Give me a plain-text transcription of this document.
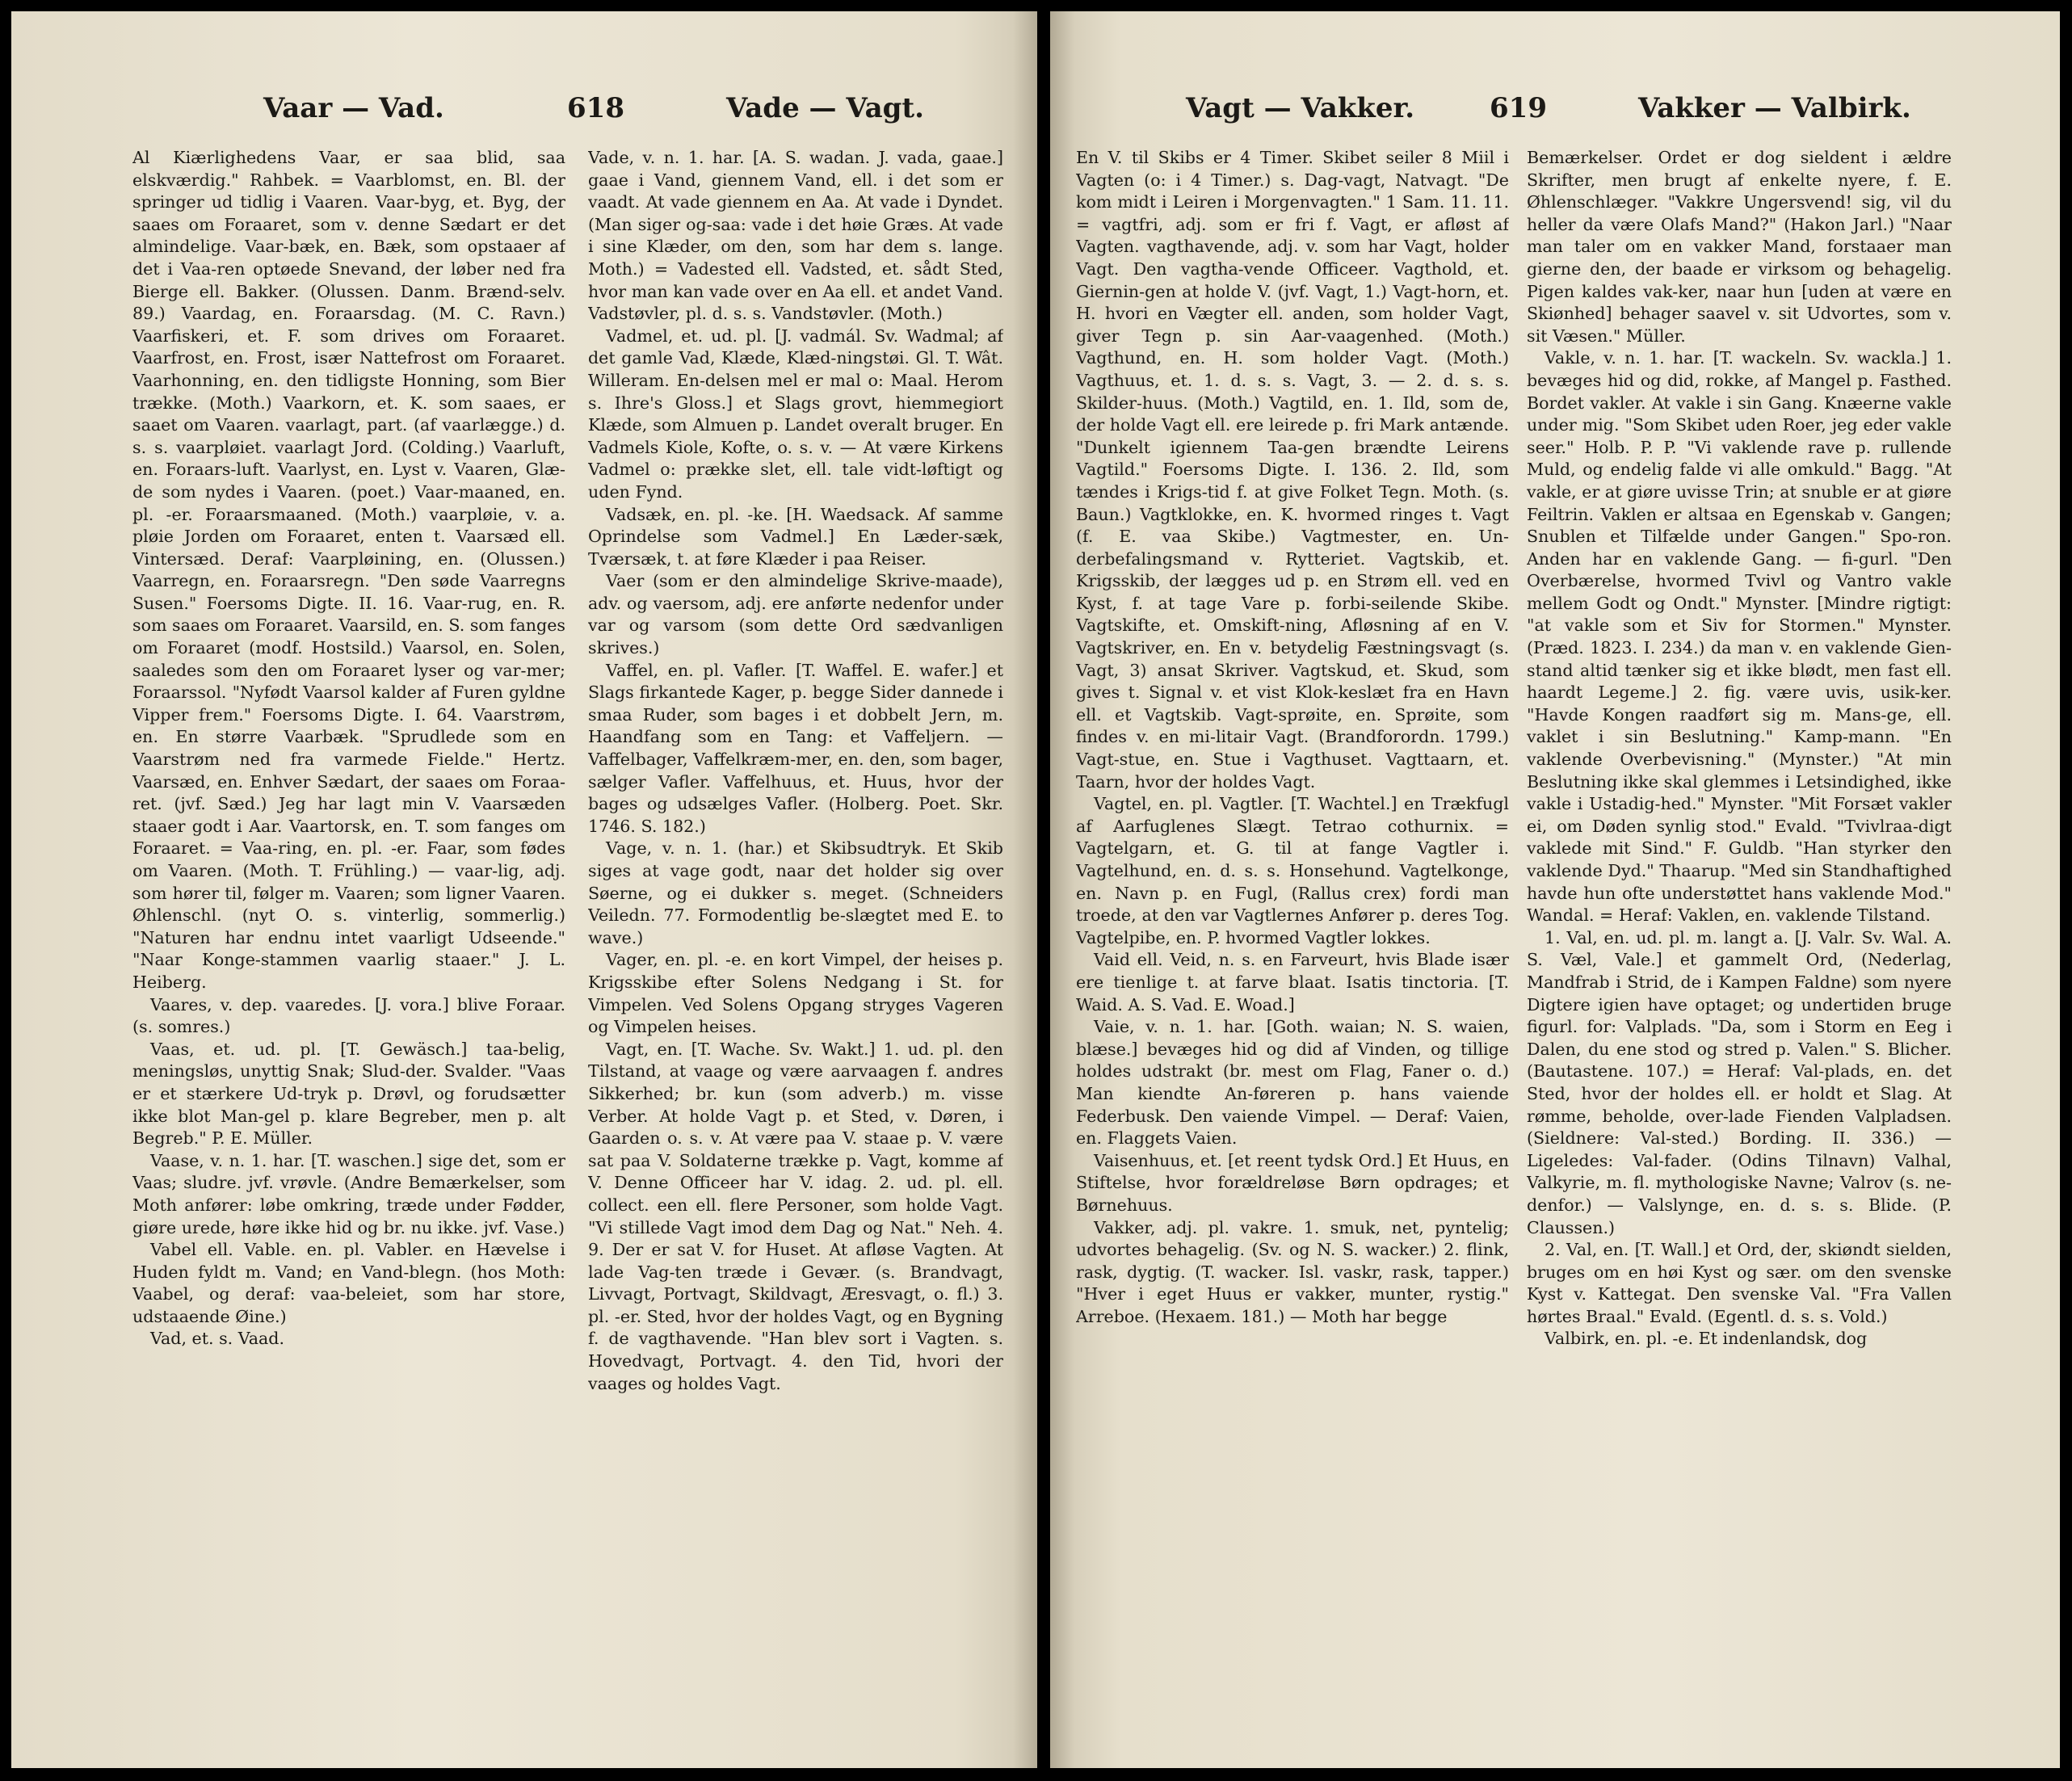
Vaar — Vad.	618	Vade — Vagt.

Al Kiærlighedens Vaar, er saa blid, saa elskværdig." Rahbek. = Vaarblomst, en. Bl. der springer ud tidlig i Vaaren. Vaar-byg, et. Byg, der saaes om Foraaret, som v. denne Sædart er det almindelige. Vaar-bæk, en. Bæk, som opstaaer af det i Vaa-ren optøede Snevand, der løber ned fra Bierge ell. Bakker. (Olussen. Danm. Brænd-selv. 89.) Vaardag, en. Foraarsdag. (M. C. Ravn.) Vaarfiskeri, et. F. som drives om Foraaret. Vaarfrost, en. Frost, især Nattefrost om Foraaret. Vaarhonning, en. den tidligste Honning, som Bier trække. (Moth.) Vaarkorn, et. K. som saaes, er saaet om Vaaren. vaarlagt, part. (af vaarlægge.) d. s. s. vaarpløiet. vaarlagt Jord. (Colding.) Vaarluft, en. Foraars-luft. Vaarlyst, en. Lyst v. Vaaren, Glæ-de som nydes i Vaaren. (poet.) Vaar-maaned, en. pl. -er. Foraarsmaaned. (Moth.) vaarpløie, v. a. pløie Jorden om Foraaret, enten t. Vaarsæd ell. Vintersæd. Deraf: Vaarpløining, en. (Olussen.) Vaarregn, en. Foraarsregn. "Den søde Vaarregns Susen." Foersoms Digte. II. 16. Vaar-rug, en. R. som saaes om Foraaret. Vaarsild, en. S. som fanges om Foraaret (modf. Hostsild.) Vaarsol, en. Solen, saaledes som den om Foraaret lyser og var-mer; Foraarssol. "Nyfødt Vaarsol kalder af Furen gyldne Vipper frem." Foersoms Digte. I. 64. Vaarstrøm, en. En større Vaarbæk. "Sprudlede som en Vaarstrøm ned fra varmede Fielde." Hertz. Vaarsæd, en. Enhver Sædart, der saaes om Foraa-ret. (jvf. Sæd.) Jeg har lagt min V. Vaarsæden staaer godt i Aar. Vaartorsk, en. T. som fanges om Foraaret. = Vaa-ring, en. pl. -er. Faar, som fødes om Vaaren. (Moth. T. Frühling.) — vaar-lig, adj. som hører til, følger m. Vaaren; som ligner Vaaren. Øhlenschl. (nyt O. s. vinterlig, sommerlig.) "Naturen har endnu intet vaarligt Udseende." "Naar Konge-stammen vaarlig staaer." J. L. Heiberg.

Vaares, v. dep. vaaredes. [J. vora.] blive Foraar. (s. somres.)

Vaas, et. ud. pl. [T. Gewäsch.] taa-belig, meningsløs, unyttig Snak; Slud-der. Svalder. "Vaas er et stærkere Ud-tryk p. Drøvl, og forudsætter ikke blot Man-gel p. klare Begreber, men p. alt Begreb." P. E. Müller.

Vaase, v. n. 1. har. [T. waschen.] sige det, som er Vaas; sludre. jvf. vrøvle. (Andre Bemærkelser, som Moth anfører: løbe omkring, træde under Fødder, giøre urede, høre ikke hid og br. nu ikke. jvf. Vase.)

Vabel ell. Vable. en. pl. Vabler. en Hævelse i Huden fyldt m. Vand; en Vand-blegn. (hos Moth: Vaabel, og deraf: vaa-beleiet, som har store, udstaaende Øine.)

Vad, et. s. Vaad.

Vade, v. n. 1. har. [A. S. wadan. J. vada, gaae.] gaae i Vand, giennem Vand, ell. i det som er vaadt. At vade giennem en Aa. At vade i Dyndet. (Man siger og-saa: vade i det høie Græs. At vade i sine Klæder, om den, som har dem s. lange. Moth.) = Vadested ell. Vadsted, et. sådt Sted, hvor man kan vade over en Aa ell. et andet Vand. Vadstøvler, pl. d. s. s. Vandstøvler. (Moth.)

Vadmel, et. ud. pl. [J. vadmál. Sv. Wadmal; af det gamle Vad, Klæde, Klæd-ningstøi. Gl. T. Wât. Willeram. En-delsen mel er mal o: Maal. Herom s. Ihre's Gloss.] et Slags grovt, hiemmegiort Klæde, som Almuen p. Landet overalt bruger. En Vadmels Kiole, Kofte, o. s. v. — At være Kirkens Vadmel o: prække slet, ell. tale vidt-løftigt og uden Fynd.

Vadsæk, en. pl. -ke. [H. Waedsack. Af samme Oprindelse som Vadmel.] En Læder-sæk, Tværsæk, t. at føre Klæder i paa Reiser.

Vaer (som er den almindelige Skrive-maade), adv. og vaersom, adj. ere anførte nedenfor under var og varsom (som dette Ord sædvanligen skrives.)

Vaffel, en. pl. Vafler. [T. Waffel. E. wafer.] et Slags firkantede Kager, p. begge Sider dannede i smaa Ruder, som bages i et dobbelt Jern, m. Haandfang som en Tang: et Vaffeljern. — Vaffelbager, Vaffelkræm-mer, en. den, som bager, sælger Vafler. Vaffelhuus, et. Huus, hvor der bages og udsælges Vafler. (Holberg. Poet. Skr. 1746. S. 182.)

Vage, v. n. 1. (har.) et Skibsudtryk. Et Skib siges at vage godt, naar det holder sig over Søerne, og ei dukker s. meget. (Schneiders Veiledn. 77. Formodentlig be-slægtet med E. to wave.)

Vager, en. pl. -e. en kort Vimpel, der heises p. Krigsskibe efter Solens Nedgang i St. for Vimpelen. Ved Solens Opgang stryges Vageren og Vimpelen heises.

Vagt, en. [T. Wache. Sv. Wakt.] 1. ud. pl. den Tilstand, at vaage og være aarvaagen f. andres Sikkerhed; br. kun (som adverb.) m. visse Verber. At holde Vagt p. et Sted, v. Døren, i Gaarden o. s. v. At være paa V. staae p. V. være sat paa V. Soldaterne trække p. Vagt, komme af V. Denne Officeer har V. idag. 2. ud. pl. ell. collect. een ell. flere Personer, som holde Vagt. "Vi stillede Vagt imod dem Dag og Nat." Neh. 4. 9. Der er sat V. for Huset. At afløse Vagten. At lade Vag-ten træde i Gevær. (s. Brandvagt, Livvagt, Portvagt, Skildvagt, Æresvagt, o. fl.) 3. pl. -er. Sted, hvor der holdes Vagt, og en Bygning f. de vagthavende. "Han blev sort i Vagten. s. Hovedvagt, Portvagt. 4. den Tid, hvori der vaages og holdes Vagt.

Vagt — Vakker.	619	Vakker — Valbirk.

En V. til Skibs er 4 Timer. Skibet seiler 8 Miil i Vagten (o: i 4 Timer.) s. Dag-vagt, Natvagt. "De kom midt i Leiren i Morgenvagten." 1 Sam. 11. 11. = vagtfri, adj. som er fri f. Vagt, er afløst af Vagten. vagthavende, adj. v. som har Vagt, holder Vagt. Den vagtha-vende Officeer. Vagthold, et. Giernin-gen at holde V. (jvf. Vagt, 1.) Vagt-horn, et. H. hvori en Vægter ell. anden, som holder Vagt, giver Tegn p. sin Aar-vaagenhed. (Moth.) Vagthund, en. H. som holder Vagt. (Moth.) Vagthuus, et. 1. d. s. s. Vagt, 3. — 2. d. s. s. Skilder-huus. (Moth.) Vagtild, en. 1. Ild, som de, der holde Vagt ell. ere leirede p. fri Mark antænde. "Dunkelt igiennem Taa-gen brændte Leirens Vagtild." Foersoms Digte. I. 136. 2. Ild, som tændes i Krigs-tid f. at give Folket Tegn. Moth. (s. Baun.) Vagtklokke, en. K. hvormed ringes t. Vagt (f. E. vaa Skibe.) Vagtmester, en. Un-derbefalingsmand v. Rytteriet. Vagtskib, et. Krigsskib, der lægges ud p. en Strøm ell. ved en Kyst, f. at tage Vare p. forbi-seilende Skibe. Vagtskifte, et. Omskift-ning, Afløsning af en V. Vagtskriver, en. En v. betydelig Fæstningsvagt (s. Vagt, 3) ansat Skriver. Vagtskud, et. Skud, som gives t. Signal v. et vist Klok-keslæt fra en Havn ell. et Vagtskib. Vagt-sprøite, en. Sprøite, som findes v. en mi-litair Vagt. (Brandforordn. 1799.) Vagt-stue, en. Stue i Vagthuset. Vagttaarn, et. Taarn, hvor der holdes Vagt.

Vagtel, en. pl. Vagtler. [T. Wachtel.] en Trækfugl af Aarfuglenes Slægt. Tetrao cothurnix. = Vagtelgarn, et. G. til at fange Vagtler i. Vagtelhund, en. d. s. s. Honsehund. Vagtelkonge, en. Navn p. en Fugl, (Rallus crex) fordi man troede, at den var Vagtlernes Anfører p. deres Tog. Vagtelpibe, en. P. hvormed Vagtler lokkes.

Vaid ell. Veid, n. s. en Farveurt, hvis Blade især ere tienlige t. at farve blaat. Isatis tinctoria. [T. Waid. A. S. Vad. E. Woad.]

Vaie, v. n. 1. har. [Goth. waian; N. S. waien, blæse.] bevæges hid og did af Vinden, og tillige holdes udstrakt (br. mest om Flag, Faner o. d.) Man kiendte An-føreren p. hans vaiende Federbusk. Den vaiende Vimpel. — Deraf: Vaien, en. Flaggets Vaien.

Vaisenhuus, et. [et reent tydsk Ord.] Et Huus, en Stiftelse, hvor forældreløse Børn opdrages; et Børnehuus.

Vakker, adj. pl. vakre. 1. smuk, net, pyntelig; udvortes behagelig. (Sv. og N. S. wacker.) 2. flink, rask, dygtig. (T. wacker. Isl. vaskr, rask, tapper.) "Hver i eget Huus er vakker, munter, rystig." Arreboe. (Hexaem. 181.) — Moth har begge

Bemærkelser. Ordet er dog sieldent i ældre Skrifter, men brugt af enkelte nyere, f. E. Øhlenschlæger. "Vakkre Ungersvend! sig, vil du heller da være Olafs Mand?" (Hakon Jarl.) "Naar man taler om en vakker Mand, forstaaer man gierne den, der baade er virksom og behagelig. Pigen kaldes vak-ker, naar hun [uden at være en Skiønhed] behager saavel v. sit Udvortes, som v. sit Væsen." Müller.

Vakle, v. n. 1. har. [T. wackeln. Sv. wackla.] 1. bevæges hid og did, rokke, af Mangel p. Fasthed. Bordet vakler. At vakle i sin Gang. Knæerne vakle under mig. "Som Skibet uden Roer, jeg eder vakle seer." Holb. P. P. "Vi vaklende rave p. rullende Muld, og endelig falde vi alle omkuld." Bagg. "At vakle, er at giøre uvisse Trin; at snuble er at giøre Feiltrin. Vaklen er altsaa en Egenskab v. Gangen; Snublen et Tilfælde under Gangen." Spo-ron. Anden har en vaklende Gang. — fi-gurl. "Den Overbærelse, hvormed Tvivl og Vantro vakle mellem Godt og Ondt." Mynster. [Mindre rigtigt: "at vakle som et Siv for Stormen." Mynster. (Præd. 1823. I. 234.) da man v. en vaklende Gien-stand altid tænker sig et ikke blødt, men fast ell. haardt Legeme.] 2. fig. være uvis, usik-ker. "Havde Kongen raadført sig m. Mans-ge, ell. vaklet i sin Beslutning." Kamp-mann. "En vaklende Overbevisning." (Mynster.) "At min Beslutning ikke skal glemmes i Letsindighed, ikke vakle i Ustadig-hed." Mynster. "Mit Forsæt vakler ei, om Døden synlig stod." Evald. "Tvivlraa-digt vaklede mit Sind." F. Guldb. "Han styrker den vaklende Dyd." Thaarup. "Med sin Standhaftighed havde hun ofte understøttet hans vaklende Mod." Wandal. = Heraf: Vaklen, en. vaklende Tilstand.

1. Val, en. ud. pl. m. langt a. [J. Valr. Sv. Wal. A. S. Væl, Vale.] et gammelt Ord, (Nederlag, Mandfrab i Strid, de i Kampen Faldne) som nyere Digtere igien have optaget; og undertiden bruge figurl. for: Valplads. "Da, som i Storm en Eeg i Dalen, du ene stod og stred p. Valen." S. Blicher. (Bautastene. 107.) = Heraf: Val-plads, en. det Sted, hvor der holdes ell. er holdt et Slag. At rømme, beholde, over-lade Fienden Valpladsen. (Sieldnere: Val-sted.) Bording. II. 336.) — Ligeledes: Val-fader. (Odins Tilnavn) Valhal, Valkyrie, m. fl. mythologiske Navne; Valrov (s. ne-denfor.) — Valslynge, en. d. s. s. Blide. (P. Claussen.)

2. Val, en. [T. Wall.] et Ord, der, skiøndt sielden, bruges om en høi Kyst og sær. om den svenske Kyst v. Kattegat. Den svenske Val. "Fra Vallen hørtes Braal." Evald. (Egentl. d. s. s. Vold.)

Valbirk, en. pl. -e. Et indenlandsk, dog
